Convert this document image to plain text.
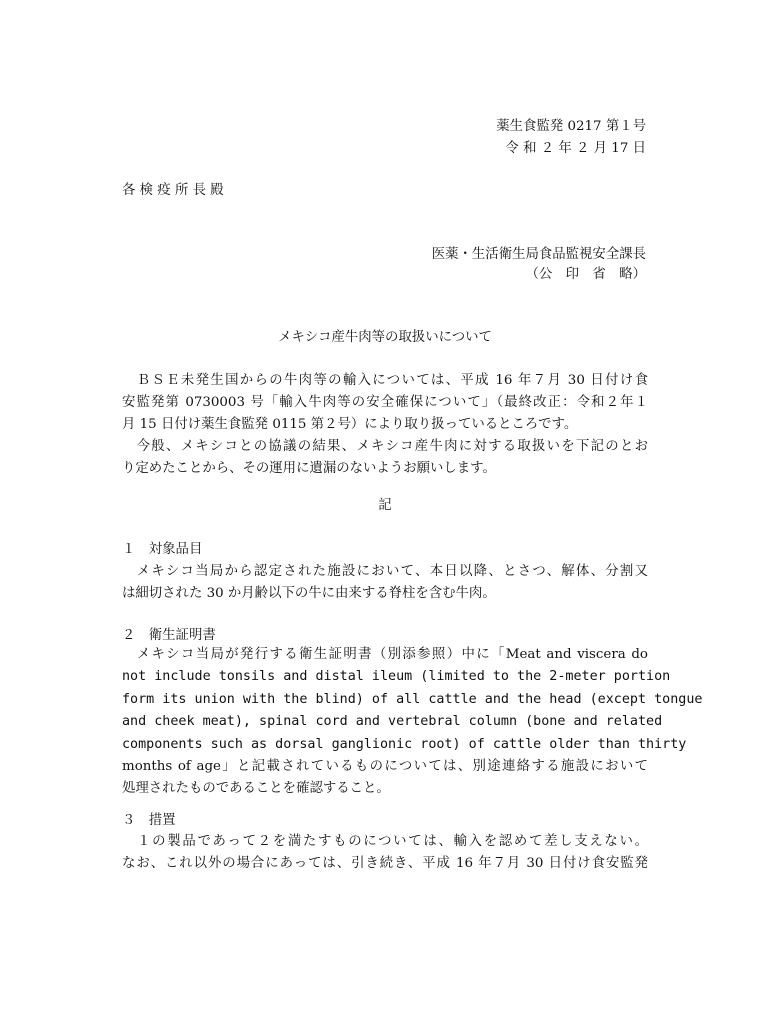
薬生食監発 0217 第１号
令 和 ２ 年 ２ 月 17 日
各 検 疫 所 長 殿
医薬・生活衛生局食品監視安全課長
（公　印　省　略）
メキシコ産牛肉等の取扱いについて
　ＢＳＥ未発生国からの牛肉等の輸入については、平成 16 年７月 30 日付け食
安監発第 0730003 号「輸入牛肉等の安全確保について」（最終改正：令和２年１
月 15 日付け薬生食監発 0115 第２号）により取り扱っているところです。
　今般、メキシコとの協議の結果、メキシコ産牛肉に対する取扱いを下記のとお
り定めたことから、その運用に遺漏のないようお願いします。
記
１　対象品目
　メキシコ当局から認定された施設において、本日以降、とさつ、解体、分割又
は細切された 30 か月齢以下の牛に由来する脊柱を含む牛肉。
２　衛生証明書
　メキシコ当局が発行する衛生証明書（別添参照）中に「Meat and viscera do
not include tonsils and distal ileum (limited to the 2-meter portion
form its union with the blind) of all cattle and the head (except tongue
and cheek meat), spinal cord and vertebral column (bone and related
components such as dorsal ganglionic root) of cattle older than thirty
months of age」と記載されているものについては、別途連絡する施設において
処理されたものであることを確認すること。
３　措置
　１の製品であって２を満たすものについては、輸入を認めて差し支えない。
なお、これ以外の場合にあっては、引き続き、平成 16 年７月 30 日付け食安監発
